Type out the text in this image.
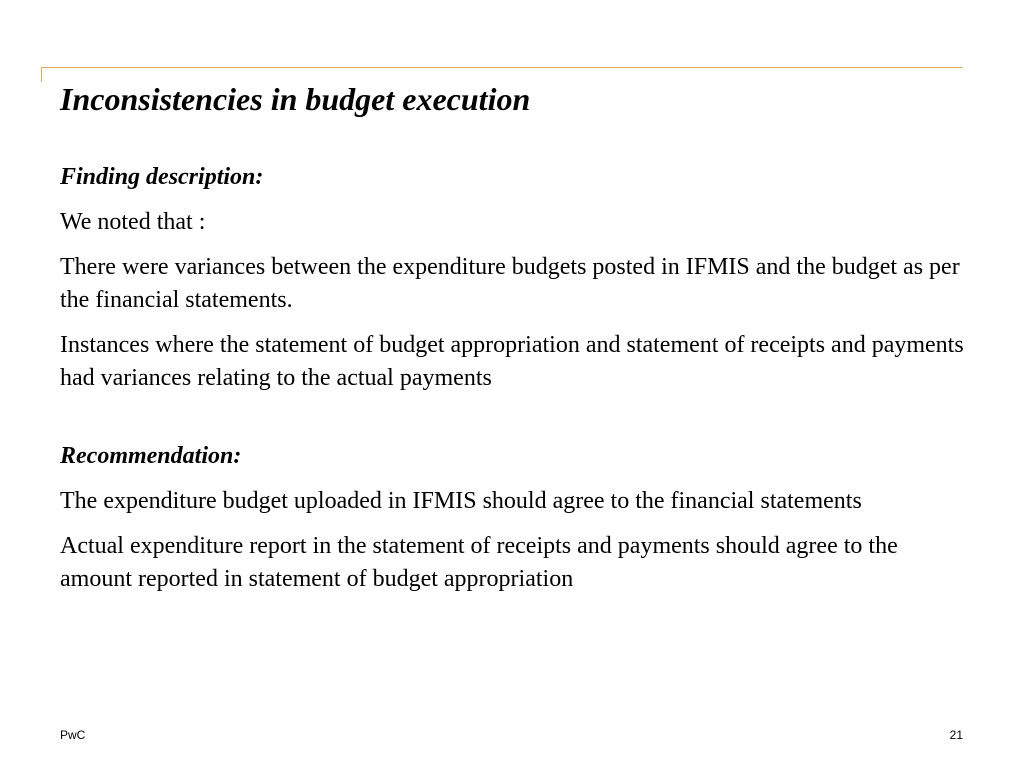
Inconsistencies in budget execution

Finding description:

We noted that :

There were variances between the expenditure budgets posted in IFMIS and the budget as per the financial statements.

Instances where the statement of budget appropriation and statement of receipts and payments had variances relating to the actual payments

Recommendation:

The expenditure budget uploaded in IFMIS should agree to the financial statements

Actual expenditure report in the statement of receipts and payments should agree to the amount reported in statement of budget appropriation

PwC	21
